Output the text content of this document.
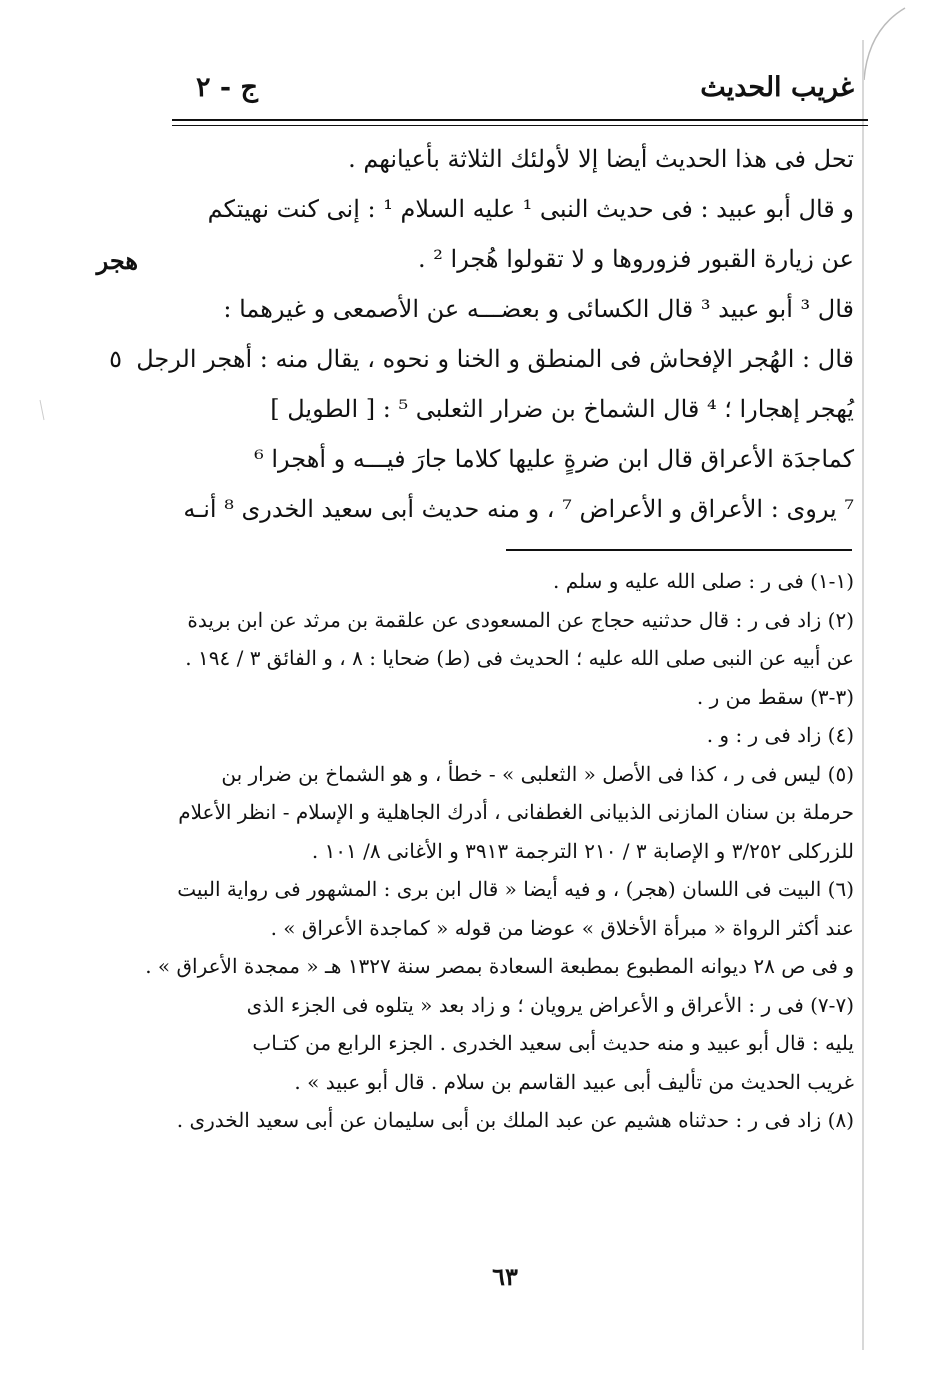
غريب الحديث
ج - ٢
هجر
تحل فى هذا الحديث أيضا إلا لأولئك الثلاثة بأعيانهم .
و قال أبو عبيد : فى حديث النبى ¹ عليه السلام ¹ : إنى كنت نهيتكم
عن زيارة القبور فزوروها و لا تقولوا هُجرا ² .
قال ³ أبو عبيد ³ قال الكسائى و بعضـــه عن الأصمعى و غيرهما :
قال : الهُجر الإفحاش فى المنطق و الخنا و نحوه ، يقال منه : أهجر الرجل ٥
يُهجر إهجارا ؛ ⁴ قال الشماخ بن ضرار الثعلبى ⁵ : [ الطويل ]
كماجدَة الأعراق قال ابن ضرةٍ عليها كلاما جارَ فيـــه و أهجرا ⁶
⁷ يروى : الأعراق و الأعراض ⁷ ، و منه حديث أبى سعيد الخدرى ⁸ أنـه
(١-١) فى ر : صلى الله عليه و سلم .
(٢) زاد فى ر : قال حدثنيه حجاج عن المسعودى عن علقمة بن مرثد عن ابن بريدة
عن أبيه عن النبى صلى الله عليه ؛ الحديث فى (ط) ضحايا : ٨ ، و الفائق ٣ / ١٩٤ .
(٣-٣) سقط من ر .
(٤) زاد فى ر : و .
(٥) ليس فى ر ، كذا فى الأصل « الثعلبى » - خطأ ، و هو الشماخ بن ضرار بن
حرملة بن سنان المازنى الذبيانى الغطفانى ، أدرك الجاهلية و الإسلام - انظر الأعلام
للزركلى ٣/٢٥٢ و الإصابة ٣ / ٢١٠ الترجمة ٣٩١٣ و الأغانى ٨/ ١٠١ .
(٦) البيت فى اللسان (هجر) ، و فيه أيضا « قال ابن برى : المشهور فى رواية البيت
عند أكثر الرواة « مبرأة الأخلاق » عوضا من قوله « كماجدة الأعراق » .
و فى ص ٢٨ ديوانه المطبوع بمطبعة السعادة بمصر سنة ١٣٢٧ هـ « ممجدة الأعراق » .
(٧-٧) فى ر : الأعراق و الأعراض يرويان ؛ و زاد بعد « يتلوه فى الجزء الذى
يليه : قال أبو عبيد و منه حديث أبى سعيد الخدرى . الجزء الرابع من كتـاب
غريب الحديث من تأليف أبى عبيد القاسم بن سلام . قال أبو عبيد » .
(٨) زاد فى ر : حدثناه هشيم عن عبد الملك بن أبى سليمان عن أبى سعيد الخدرى .
٦٣
